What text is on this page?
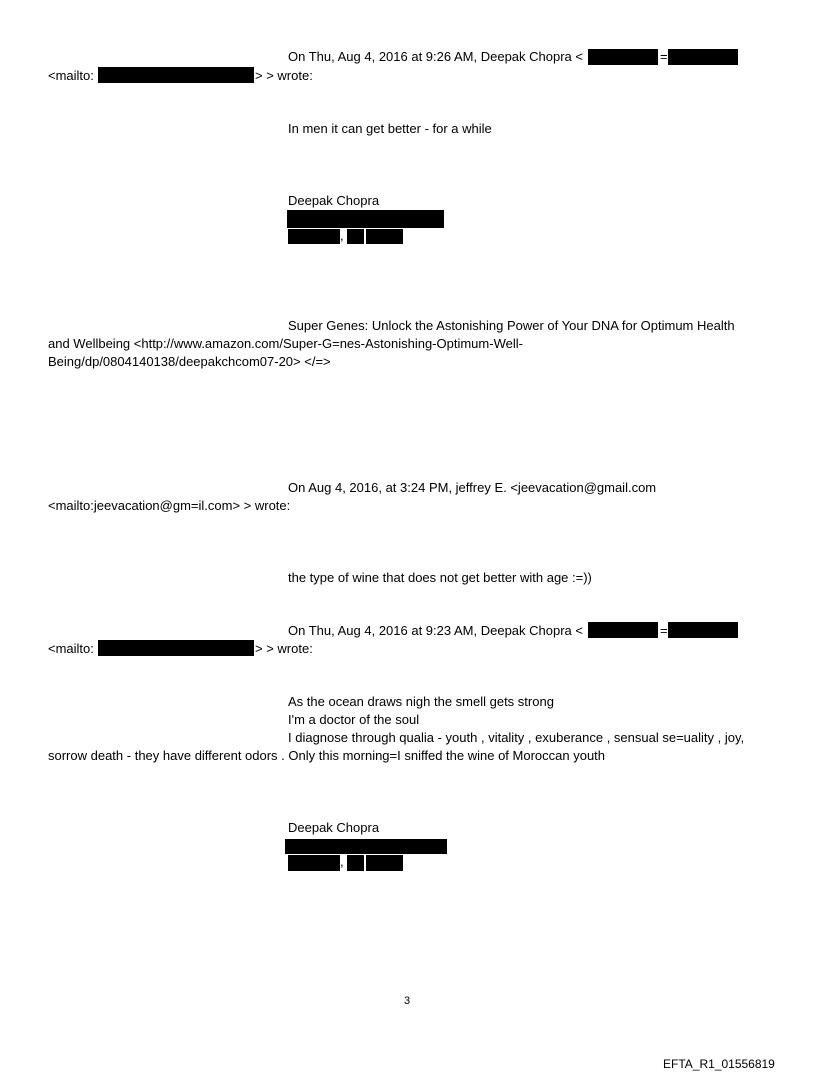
On Thu, Aug 4, 2016 at 9:26 AM, Deepak Chopra <	=
<mailto:	> > wrote:
In men it can get better - for a while
Deepak Chopra
,
Super Genes: Unlock the Astonishing Power of Your DNA for Optimum Health
and Wellbeing <http://www.amazon.com/Super-G=nes-Astonishing-Optimum-Well-
Being/dp/0804140138/deepakchcom07-20> </=>
On Aug 4, 2016, at 3:24 PM, jeffrey E. <jeevacation@gmail.com
<mailto:jeevacation@gm=il.com> > wrote:
the type of wine that does not get better with age :=))
On Thu, Aug 4, 2016 at 9:23 AM, Deepak Chopra <	=
<mailto:	> > wrote:
As the ocean draws nigh the smell gets strong
I'm a doctor of the soul
I diagnose through qualia - youth , vitality , exuberance , sensual se=uality , joy,
sorrow death - they have different odors . Only this morning=I sniffed the wine of Moroccan youth
Deepak Chopra
,
3
EFTA_R1_01556819
